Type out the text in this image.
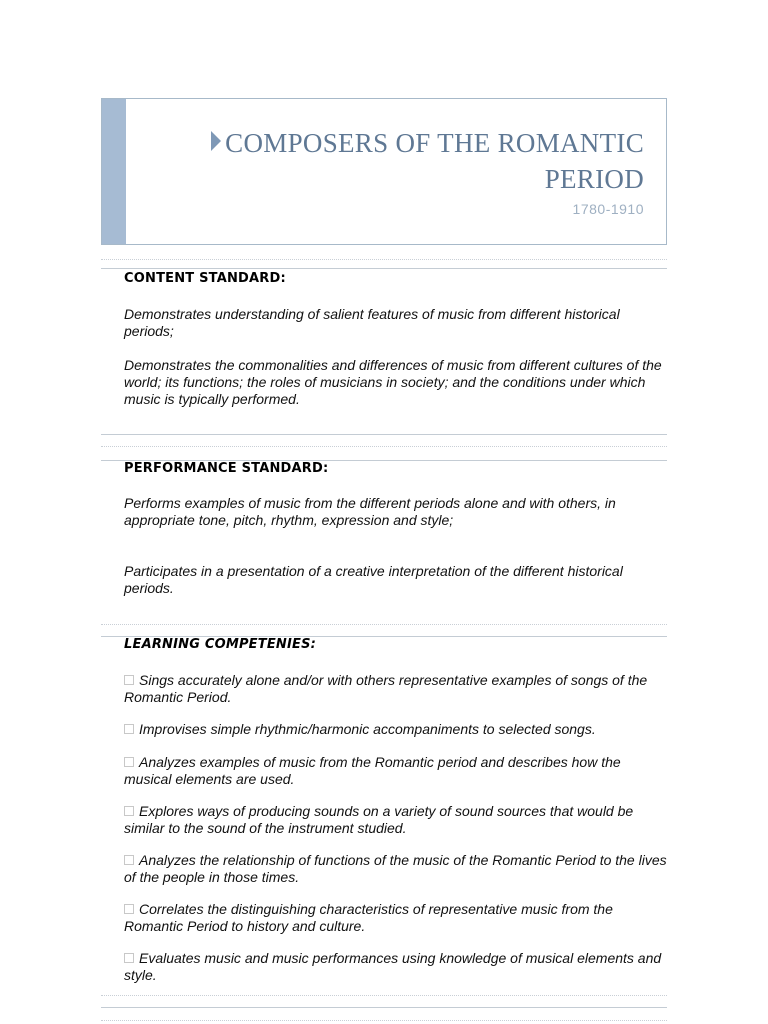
COMPOSERS OF THE ROMANTIC
PERIOD
1780-1910
CONTENT STANDARD:
Demonstrates understanding of salient features of music from different historical periods;
Demonstrates the commonalities and differences of music from different cultures of the world; its functions; the roles of musicians in society; and the conditions under which music is typically performed.
PERFORMANCE STANDARD:
Performs examples of music from the different periods alone and with others, in appropriate tone, pitch, rhythm, expression and style;
Participates in a presentation of a creative interpretation of the different historical periods.
LEARNING COMPETENIES:
Sings accurately alone and/or with others representative examples of songs of the Romantic Period.
Improvises simple rhythmic/harmonic accompaniments to selected songs.
Analyzes examples of music from the Romantic period and describes how the musical elements are used.
Explores ways of producing sounds on a variety of sound sources that would be similar to the sound of the instrument studied.
Analyzes the relationship of functions of the music of the Romantic Period to the lives of the people in those times.
Correlates the distinguishing characteristics of representative music from the Romantic Period to history and culture.
Evaluates music and music performances using knowledge of musical elements and style.
